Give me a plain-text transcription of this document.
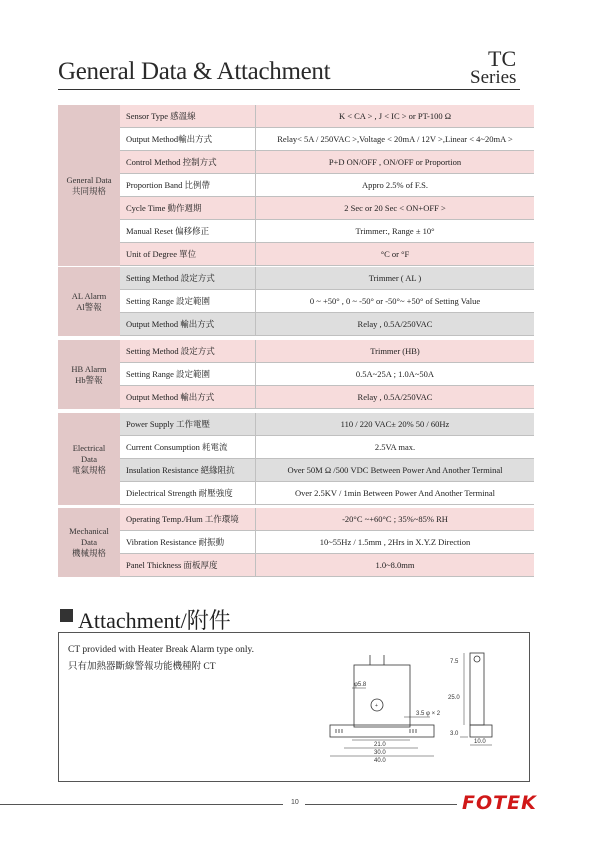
General Data & Attachment	TC
Series
General Data
共同規格
Sensor Type 感溫線	K < CA > , J < IC > or PT-100 Ω
Output Method輸出方式	Relay< 5A / 250VAC >,Voltage < 20mA / 12V >,Linear < 4~20mA >
Control Method 控制方式	P+D ON/OFF , ON/OFF or Proportion
Proportion Band 比例帶	Appro 2.5% of F.S.
Cycle Time 動作週期	2 Sec or 20 Sec < ON+OFF >
Manual Reset 偏移修正	Trimmer:, Range ± 10°
Unit of Degree 單位	°C or °F
AL Alarm
Al警報
Setting Method 設定方式	Trimmer ( AL )
Setting Range 設定範圍	0 ~ +50° , 0 ~ -50° or -50°~ +50° of Setting Value
Output Method 輸出方式	Relay , 0.5A/250VAC
HB Alarm
Hb警報
Setting Method 設定方式	Trimmer (HB)
Setting Range 設定範圍	0.5A~25A ; 1.0A~50A
Output Method 輸出方式	Relay , 0.5A/250VAC
Electrical
Data
電氣規格
Power Supply 工作電壓	110 / 220 VAC± 20% 50 / 60Hz
Current Consumption 耗電流	2.5VA max.
Insulation Resistance 絕緣阻抗	Over 50M Ω /500 VDC Between Power And Another Terminal
Dielectrical Strength 耐壓強度	Over 2.5KV / 1min Between Power And Another Terminal
Mechanical
Data
機械規格
Operating Temp./Hum 工作環境	-20°C ~+60°C ; 35%~85% RH
Vibration Resistance 耐振動	10~55Hz / 1.5mm , 2Hrs in X.Y.Z Direction
Panel Thickness 面板厚度	1.0~8.0mm
Attachment/附件
CT provided with Heater Break Alarm type only.
只有加熱器斷線警報功能機種附 CT
+
φ5.8
3.5 φ × 2
21.0
30.0
40.0
7.5
25.0
3.0
10.0
10	FOTEK
